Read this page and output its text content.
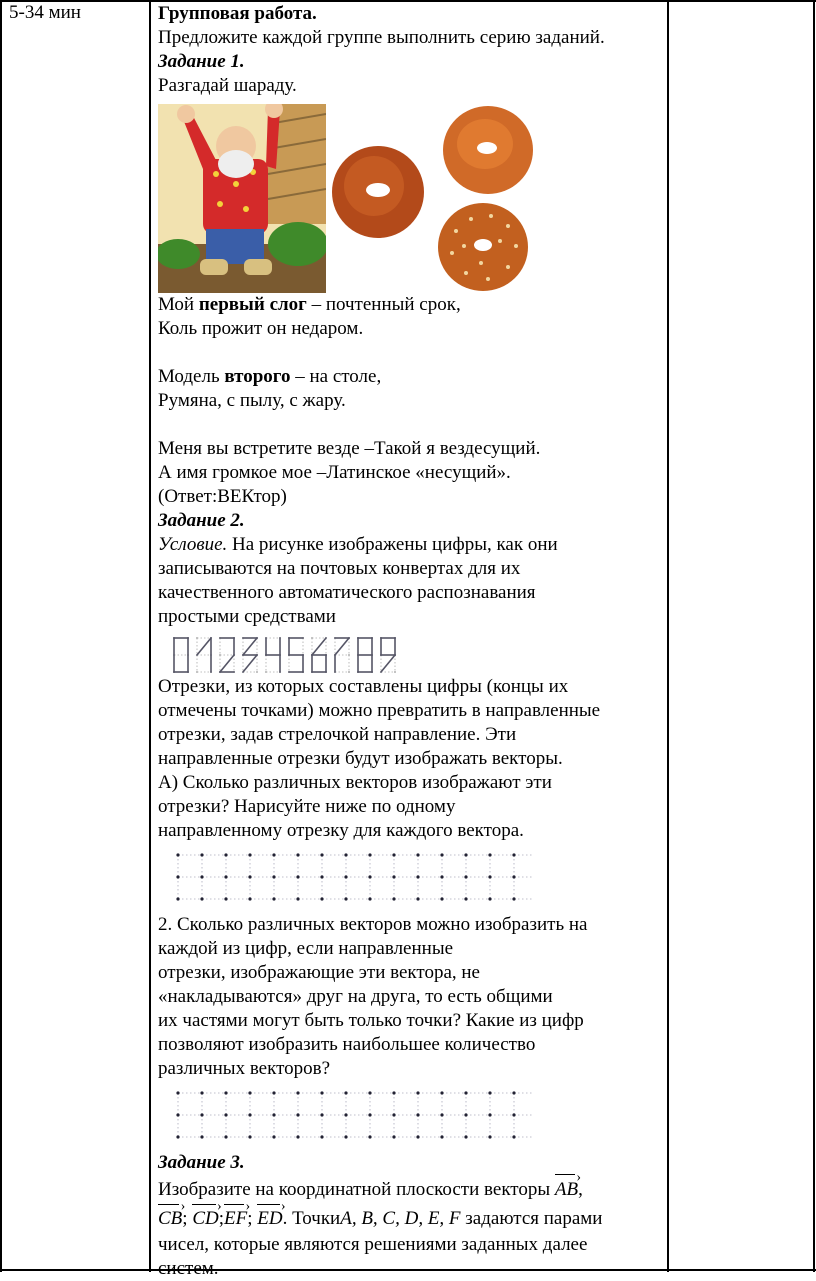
5-34 мин	Групповая работа.
Предложите каждой группе выполнить серию заданий.
Задание 1.
Разгадай шараду.
Мой первый слог – почтенный срок,
Коль прожит он недаром.
Модель второго – на столе,
Румяна, с пылу, с жару.
Меня вы встретите везде –Такой я вездесущий.
А имя громкое мое –Латинское «несущий».
(Ответ:ВЕКтор)
Задание 2.
Условие. На рисунке изображены цифры, как они
записываются на почтовых конвертах для их
качественного автоматического распознавания
простыми средствами
Отрезки, из которых составлены цифры (концы их
отмечены точками) можно превратить в направленные
отрезки, задав стрелочкой направление. Эти
направленные отрезки будут изображать векторы.
А) Сколько различных векторов изображают эти
отрезки? Нарисуйте ниже по одному
направленному отрезку для каждого вектора.
2. Сколько различных векторов можно изобразить на
каждой из цифр, если направленные
отрезки, изображающие эти вектора, не
«накладываются» друг на друга, то есть общими
их частями могут быть только точки? Какие из цифр
позволяют изобразить наибольшее количество
различных векторов?
Задание 3.
Изобразите на координатной плоскости векторы AB ›,
CB ›; CD ›;EF ›; ED ›. ТочкиA, B, C, D, E, F задаются парами
чисел, которые являются решениями заданных далее
систем.
